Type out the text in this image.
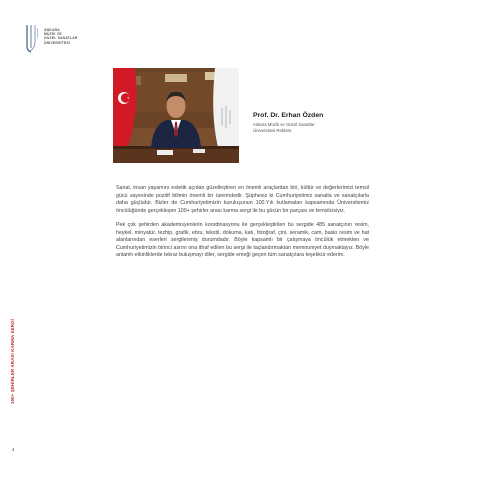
ANKARA
MÜZİK VE
GÜZEL SANATLAR
ÜNİVERSİTESİ
Prof. Dr. Erhan Özden
Ankara Müzik ve Güzel Sanatlar
Üniversitesi Rektörü

Sanat, insan yaşamını estetik açıdan güzelleştiren en önemli araçlardan biri, kültür ve değerlerimizi temsil gücü sayesinde pozitif bilimin önemli bir üzerindedir. Şüphesiz ki Cumhuriyetimiz sanatla ve sanatçılarla daha güçlüdür. Bizler de Cumhuriyetimizin kuruluşunun 100.Yılı kutlamaları kapsamında Üniversitemiz öncülüğünde gerçekleşen 100+ şehirler arası karma sergi ile bu gücün bir parçası ve temsilcisiyiz.

Pek çok şehirden akademisyenlerin koordinasyonu ile gerçekleştirilen bu sergide 485 sanatçının resim, heykel, minyatür, tezhip, grafik, ebru, tekstil, dokuma, katı, fotoğraf, çini, seramik, cam, baskı resim ve hat alanlarından eserleri sergilenmiş durumdadır. Böyle kapsamlı bir çalışmaya öncülük etmekten ve Cumhuriyetimizin birinci asrını ona ithaf edilen bu sergi ile taçlandırmaktan memnuniyet duymaktayız. Böyle anlamlı etkinliklerde tekrar buluşmayı diler, sergide emeği geçen tüm sanatçılara teşekkür ederim.

100+ ŞEHİRLER ARASI KARMA SERGİ
4
